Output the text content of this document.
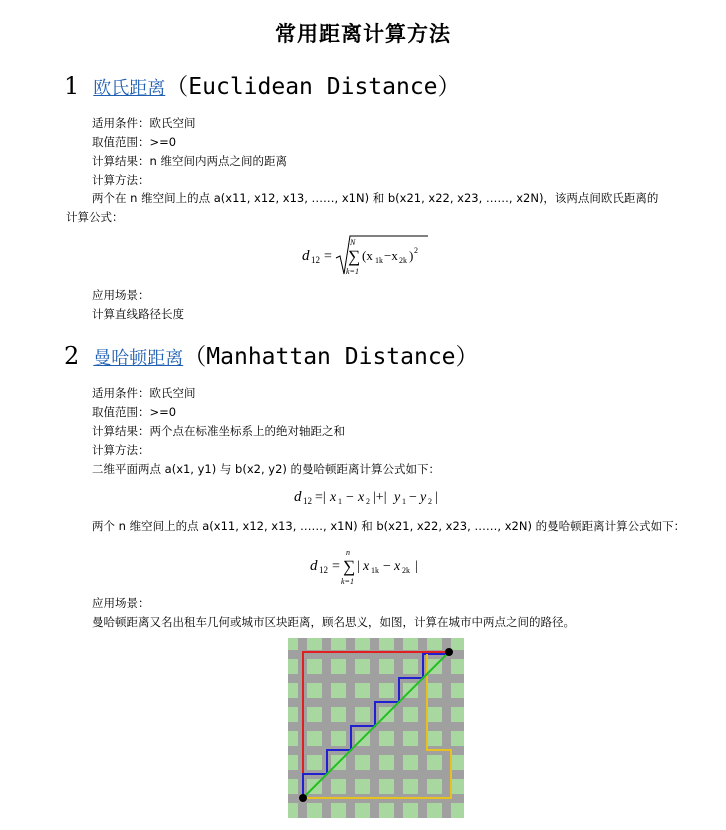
常用距离计算方法
1 欧氏距离（Euclidean Distance）
适用条件：欧氏空间
取值范围：>=0
计算结果：n 维空间内两点之间的距离
计算方法：
两个在 n 维空间上的点 a(x11, x12, x13, ……, x1N) 和 b(x21, x22, x23, ……, x2N)，该两点间欧氏距离的计算公式：
d 12 =
N
∑
k=1
(x 1k −x 2k ) 2
应用场景：
计算直线路径长度
2 曼哈顿距离（Manhattan Distance）
适用条件：欧氏空间
取值范围：>=0
计算结果：两个点在标准坐标系上的绝对轴距之和
计算方法：
二维平面两点 a(x1, y1) 与 b(x2, y2) 的曼哈顿距离计算公式如下：
d 12 =| x 1 − x 2 |+| y 1 − y 2 |
两个 n 维空间上的点 a(x11, x12, x13, ……, x1N) 和 b(x21, x22, x23, ……, x2N) 的曼哈顿距离计算公式如下：
d 12 =
n
∑
k=1
| x 1k − x 2k |
应用场景：
曼哈顿距离又名出租车几何或城市区块距离，顾名思义，如图，计算在城市中两点之间的路径。
